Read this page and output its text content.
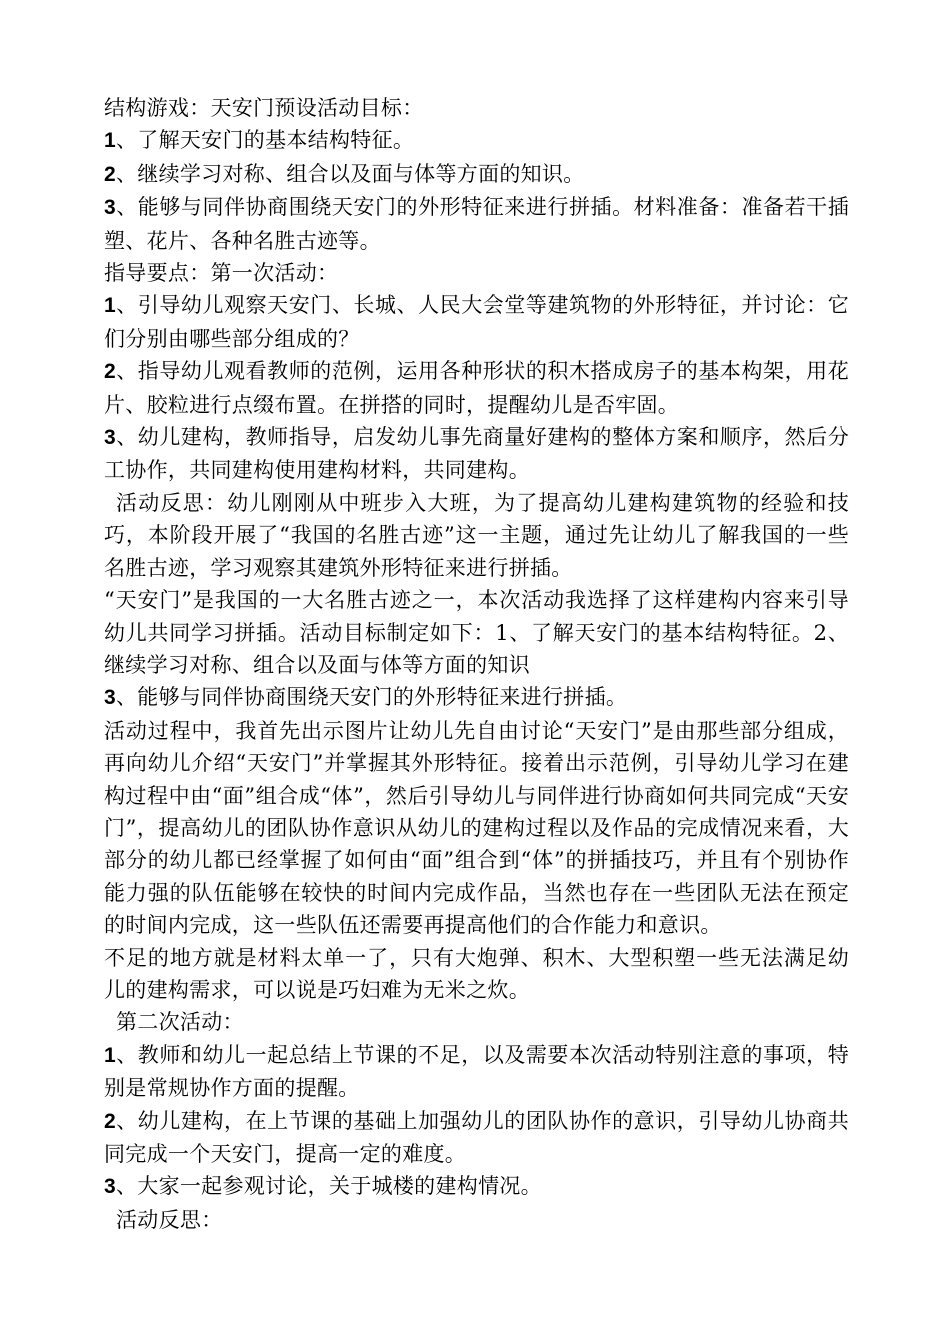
结构游戏：天安门预设活动目标：

1、了解天安门的基本结构特征。

2、继续学习对称、组合以及面与体等方面的知识。

3、能够与同伴协商围绕天安门的外形特征来进行拼插。材料准备：准备若干插塑、花片、各种名胜古迹等。

指导要点：第一次活动：

1、引导幼儿观察天安门、长城、人民大会堂等建筑物的外形特征，并讨论：它们分别由哪些部分组成的？

2、指导幼儿观看教师的范例，运用各种形状的积木搭成房子的基本构架，用花片、胶粒进行点缀布置。在拼搭的同时，提醒幼儿是否牢固。

3、幼儿建构，教师指导，启发幼儿事先商量好建构的整体方案和顺序，然后分工协作，共同建构使用建构材料，共同建构。

活动反思：幼儿刚刚从中班步入大班，为了提高幼儿建构建筑物的经验和技巧，本阶段开展了“我国的名胜古迹”这一主题，通过先让幼儿了解我国的一些名胜古迹，学习观察其建筑外形特征来进行拼插。

“天安门”是我国的一大名胜古迹之一，本次活动我选择了这样建构内容来引导幼儿共同学习拼插。活动目标制定如下：1、了解天安门的基本结构特征。2、继续学习对称、组合以及面与体等方面的知识

3、能够与同伴协商围绕天安门的外形特征来进行拼插。

活动过程中，我首先出示图片让幼儿先自由讨论“天安门”是由那些部分组成，再向幼儿介绍“天安门”并掌握其外形特征。接着出示范例，引导幼儿学习在建构过程中由“面”组合成“体”，然后引导幼儿与同伴进行协商如何共同完成“天安门”，提高幼儿的团队协作意识从幼儿的建构过程以及作品的完成情况来看，大部分的幼儿都已经掌握了如何由“面”组合到“体”的拼插技巧，并且有个别协作能力强的队伍能够在较快的时间内完成作品，当然也存在一些团队无法在预定的时间内完成，这一些队伍还需要再提高他们的合作能力和意识。

不足的地方就是材料太单一了，只有大炮弹、积木、大型积塑一些无法满足幼儿的建构需求，可以说是巧妇难为无米之炊。

第二次活动：

1、教师和幼儿一起总结上节课的不足，以及需要本次活动特别注意的事项，特别是常规协作方面的提醒。

2、幼儿建构，在上节课的基础上加强幼儿的团队协作的意识，引导幼儿协商共同完成一个天安门，提高一定的难度。

3、大家一起参观讨论，关于城楼的建构情况。

活动反思：
